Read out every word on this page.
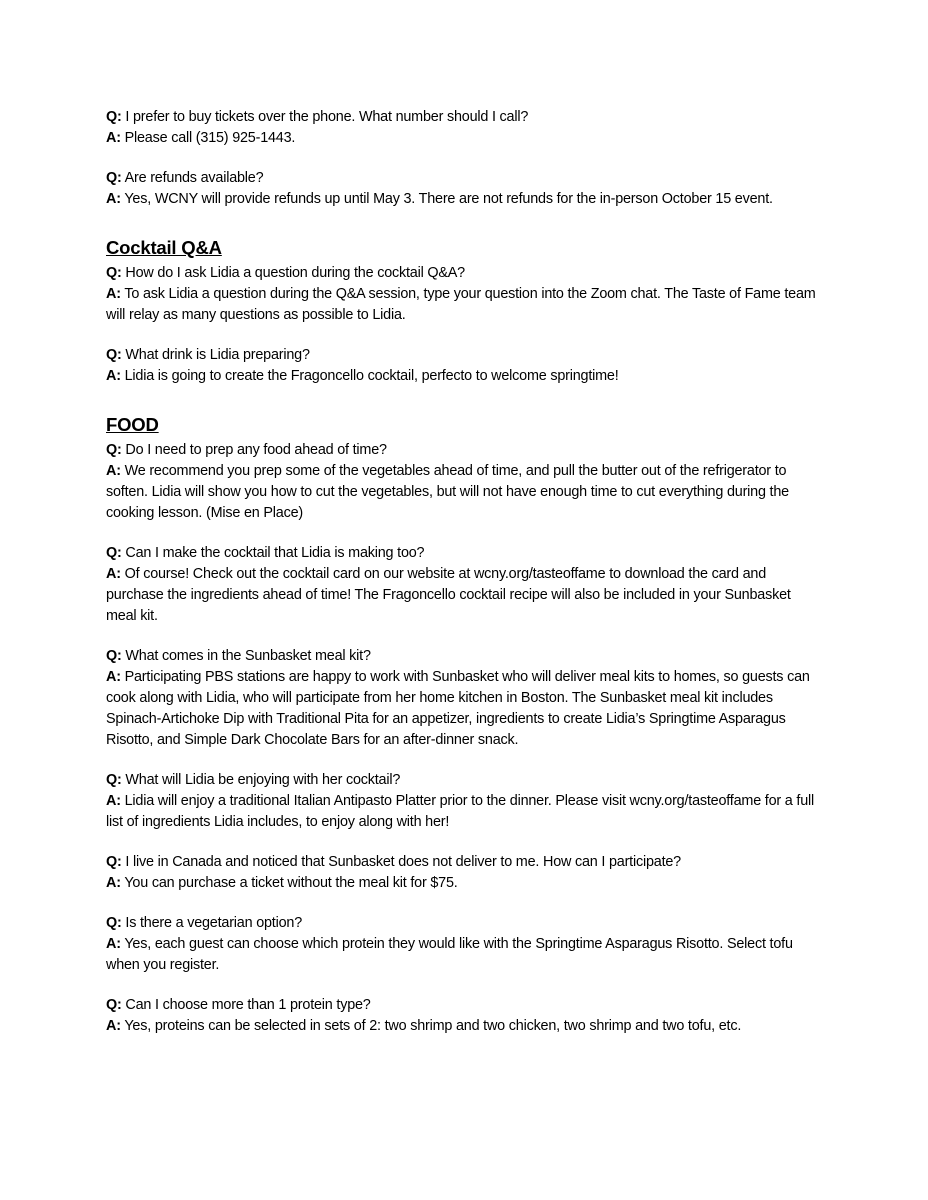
Q: I prefer to buy tickets over the phone. What number should I call?
A: Please call (315) 925-1443.

Q: Are refunds available?
A: Yes, WCNY will provide refunds up until May 3. There are not refunds for the in-person October 15 event.

Cocktail Q&A

Q: How do I ask Lidia a question during the cocktail Q&A?
A: To ask Lidia a question during the Q&A session, type your question into the Zoom chat. The Taste of Fame team will relay as many questions as possible to Lidia.

Q: What drink is Lidia preparing?
A: Lidia is going to create the Fragoncello cocktail, perfecto to welcome springtime!

FOOD

Q: Do I need to prep any food ahead of time?
A: We recommend you prep some of the vegetables ahead of time, and pull the butter out of the refrigerator to soften. Lidia will show you how to cut the vegetables, but will not have enough time to cut everything during the cooking lesson. (Mise en Place)

Q: Can I make the cocktail that Lidia is making too?
A: Of course! Check out the cocktail card on our website at wcny.org/tasteoffame to download the card and purchase the ingredients ahead of time! The Fragoncello cocktail recipe will also be included in your Sunbasket meal kit.

Q: What comes in the Sunbasket meal kit?
A: Participating PBS stations are happy to work with Sunbasket who will deliver meal kits to homes, so guests can cook along with Lidia, who will participate from her home kitchen in Boston. The Sunbasket meal kit includes Spinach-Artichoke Dip with Traditional Pita for an appetizer, ingredients to create Lidia’s Springtime Asparagus Risotto, and Simple Dark Chocolate Bars for an after-dinner snack.

Q: What will Lidia be enjoying with her cocktail?
A: Lidia will enjoy a traditional Italian Antipasto Platter prior to the dinner. Please visit wcny.org/tasteoffame for a full list of ingredients Lidia includes, to enjoy along with her!

Q: I live in Canada and noticed that Sunbasket does not deliver to me. How can I participate?
A: You can purchase a ticket without the meal kit for $75.

Q: Is there a vegetarian option?
A: Yes, each guest can choose which protein they would like with the Springtime Asparagus Risotto. Select tofu when you register.

Q: Can I choose more than 1 protein type?
A: Yes, proteins can be selected in sets of 2: two shrimp and two chicken, two shrimp and two tofu, etc.
